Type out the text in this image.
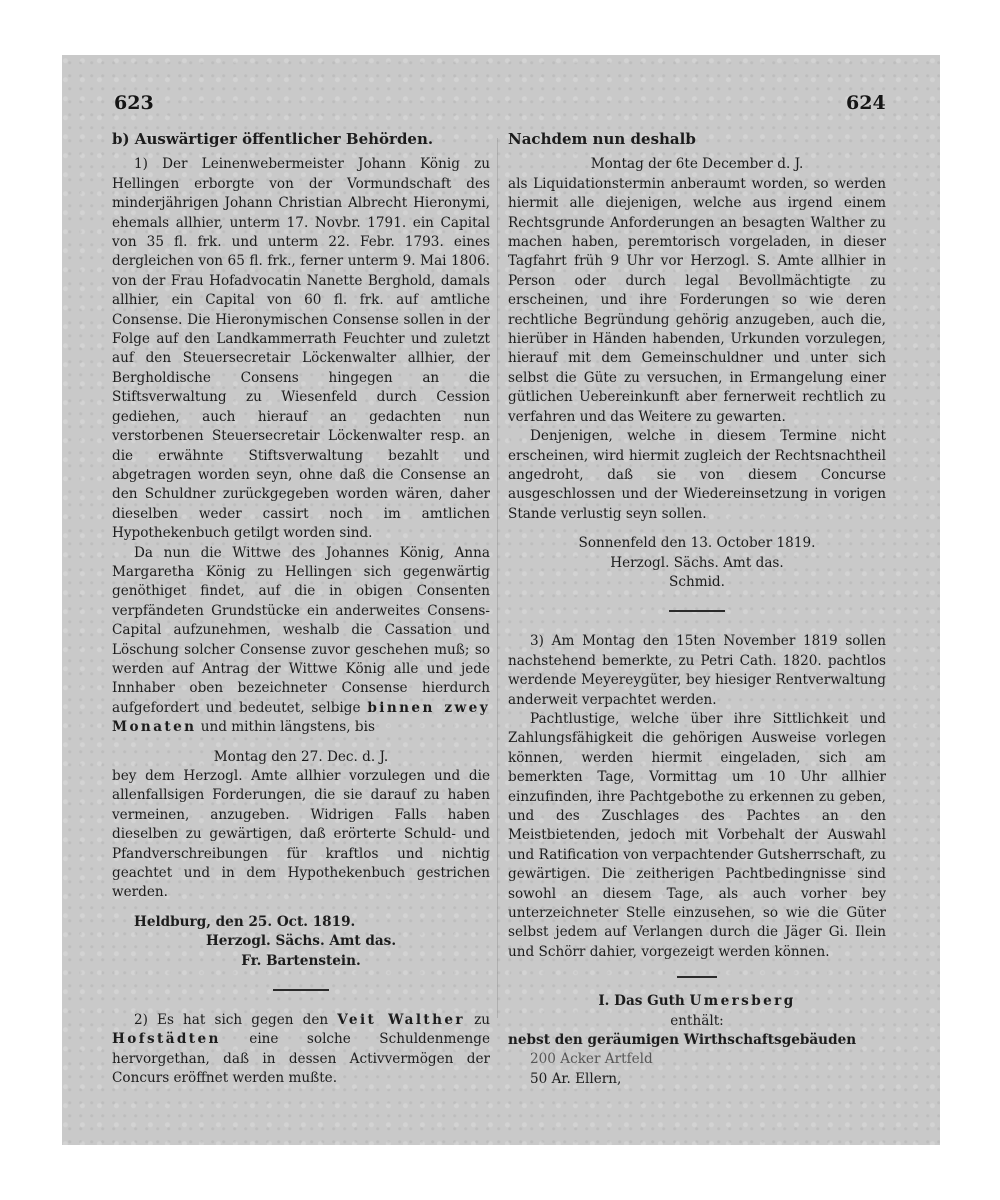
623	624

b) Auswärtiger öffentlicher Behörden.

1) Der Leinenwebermeister Johann König zu Hellingen erborgte von der Vormundschaft des minderjährigen Johann Christian Albrecht Hieronymi, ehemals allhier, unterm 17. Novbr. 1791. ein Capital von 35 fl. frk. und unterm 22. Febr. 1793. eines dergleichen von 65 fl. frk., ferner unterm 9. Mai 1806. von der Frau Hofadvocatin Nanette Berghold, damals allhier, ein Capital von 60 fl. frk. auf amtliche Consense. Die Hieronymischen Consense sollen in der Folge auf den Landkammerrath Feuchter und zuletzt auf den Steuersecretair Löckenwalter allhier, der Bergholdische Consens hingegen an die Stiftsverwaltung zu Wiesenfeld durch Cession gediehen, auch hierauf an gedachten nun verstorbenen Steuersecretair Löckenwalter resp. an die erwähnte Stiftsverwaltung bezahlt und abgetragen worden seyn, ohne daß die Consense an den Schuldner zurückgegeben worden wären, daher dieselben weder cassirt noch im amtlichen Hypothekenbuch getilgt worden sind.

Da nun die Wittwe des Johannes König, Anna Margaretha König zu Hellingen sich gegenwärtig genöthiget findet, auf die in obigen Consenten verpfändeten Grundstücke ein anderweites Consens-Capital aufzunehmen, weshalb die Cassation und Löschung solcher Consense zuvor geschehen muß; so werden auf Antrag der Wittwe König alle und jede Innhaber oben bezeichneter Consense hierdurch aufgefordert und bedeutet, selbige binnen zwey Monaten und mithin längstens, bis

Montag den 27. Dec. d. J.

bey dem Herzogl. Amte allhier vorzulegen und die allenfallsigen Forderungen, die sie darauf zu haben vermeinen, anzugeben. Widrigen Falls haben dieselben zu gewärtigen, daß erörterte Schuld- und Pfandverschreibungen für kraftlos und nichtig geachtet und in dem Hypothekenbuch gestrichen werden.

Heldburg, den 25. Oct. 1819.

Herzogl. Sächs. Amt das.

Fr. Bartenstein.

2) Es hat sich gegen den Veit Walther zu Hofstädten eine solche Schuldenmenge hervorgethan, daß in dessen Activvermögen der Concurs eröffnet werden mußte.

Nachdem nun deshalb

Montag der 6te December d. J.

als Liquidationstermin anberaumt worden, so werden hiermit alle diejenigen, welche aus irgend einem Rechtsgrunde Anforderungen an besagten Walther zu machen haben, peremtorisch vorgeladen, in dieser Tagfahrt früh 9 Uhr vor Herzogl. S. Amte allhier in Person oder durch legal Bevollmächtigte zu erscheinen, und ihre Forderungen so wie deren rechtliche Begründung gehörig anzugeben, auch die, hierüber in Händen habenden, Urkunden vorzulegen, hierauf mit dem Gemeinschuldner und unter sich selbst die Güte zu versuchen, in Ermangelung einer gütlichen Uebereinkunft aber fernerweit rechtlich zu verfahren und das Weitere zu gewarten.

Denjenigen, welche in diesem Termine nicht erscheinen, wird hiermit zugleich der Rechtsnachtheil angedroht, daß sie von diesem Concurse ausgeschlossen und der Wiedereinsetzung in vorigen Stande verlustig seyn sollen.

Sonnenfeld den 13. October 1819.

Herzogl. Sächs. Amt das.

Schmid.

3) Am Montag den 15ten November 1819 sollen nachstehend bemerkte, zu Petri Cath. 1820. pachtlos werdende Meyereygüter, bey hiesiger Rentverwaltung anderweit verpachtet werden.

Pachtlustige, welche über ihre Sittlichkeit und Zahlungsfähigkeit die gehörigen Ausweise vorlegen können, werden hiermit eingeladen, sich am bemerkten Tage, Vormittag um 10 Uhr allhier einzufinden, ihre Pachtgebothe zu erkennen zu geben, und des Zuschlages des Pachtes an den Meistbietenden, jedoch mit Vorbehalt der Auswahl und Ratification von verpachtender Gutsherrschaft, zu gewärtigen. Die zeitherigen Pachtbedingnisse sind sowohl an diesem Tage, als auch vorher bey unterzeichneter Stelle einzusehen, so wie die Güter selbst jedem auf Verlangen durch die Jäger Gi. Ilein und Schörr dahier, vorgezeigt werden können.

I. Das Guth Umersberg

enthält:

nebst den geräumigen Wirthschaftsgebäuden

200 Acker Artfeld

50 Ar. Ellern,
